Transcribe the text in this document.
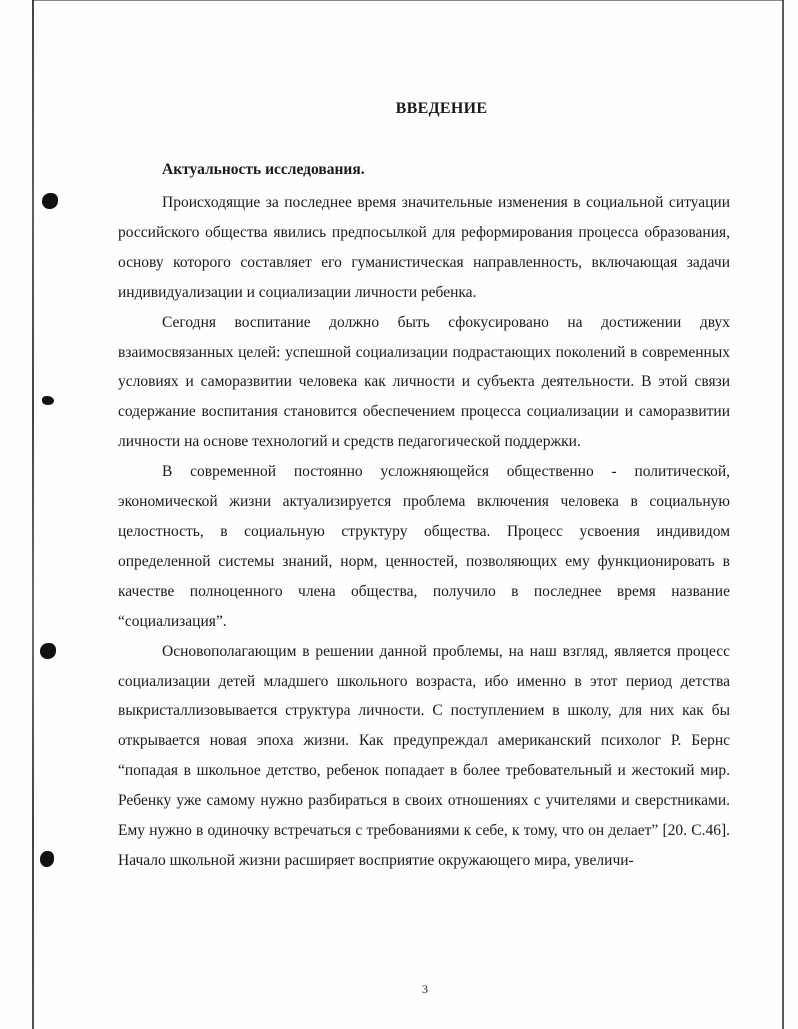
ВВЕДЕНИЕ
Актуальность исследования.

Происходящие за последнее время значительные изменения в социальной ситуации российского общества явились предпосылкой для реформирования процесса образования, основу которого составляет его гуманистическая направленность, включающая задачи индивидуализации и социализации личности ребенка.

Сегодня воспитание должно быть сфокусировано на достижении двух взаимосвязанных целей: успешной социализации подрастающих поколений в современных условиях и саморазвитии человека как личности и субъекта деятельности. В этой связи содержание воспитания становится обеспечением процесса социализации и саморазвитии личности на основе технологий и средств педагогической поддержки.

В современной постоянно усложняющейся общественно - политической, экономической жизни актуализируется проблема включения человека в социальную целостность, в социальную структуру общества. Процесс усвоения индивидом определенной системы знаний, норм, ценностей, позволяющих ему функционировать в качестве полноценного члена общества, получило в последнее время название “социализация”.

Основополагающим в решении данной проблемы, на наш взгляд, является процесс социализации детей младшего школьного возраста, ибо именно в этот период детства выкристаллизовывается структура личности. С поступлением в школу, для них как бы открывается новая эпоха жизни. Как предупреждал американский психолог Р. Бернс “попадая в школьное детство, ребенок попадает в более требовательный и жестокий мир. Ребенку уже самому нужно разбираться в своих отношениях с учителями и сверстниками. Ему нужно в одиночку встречаться с требованиями к себе, к тому, что он делает” [20. С.46]. Начало школьной жизни расширяет восприятие окружающего мира, увеличи-

3
